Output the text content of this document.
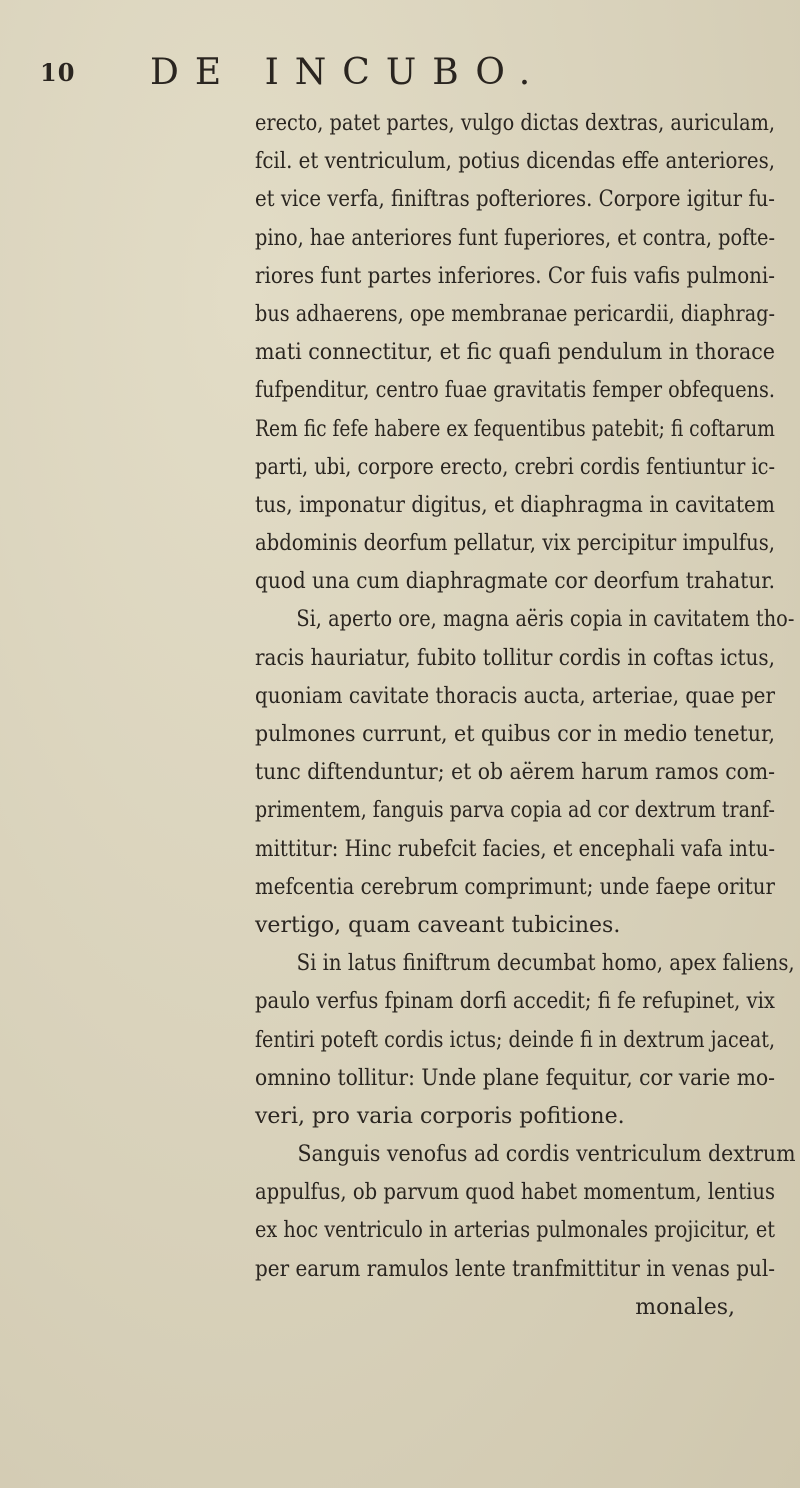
10 DE INCUBO.
erecto, patet partes, vulgo dictas dextras, auriculam,
fcil. et ventriculum, potius dicendas effe anteriores,
et vice verfa, finiftras pofteriores. Corpore igitur fu-
pino, hae anteriores funt fuperiores, et contra, pofte-
riores funt partes inferiores. Cor fuis vafis pulmoni-
bus adhaerens, ope membranae pericardii, diaphrag-
mati connectitur, et fic quafi pendulum in thorace
fufpenditur, centro fuae gravitatis femper obfequens.
Rem fic fefe habere ex fequentibus patebit; fi coftarum
parti, ubi, corpore erecto, crebri cordis fentiuntur ic-
tus, imponatur digitus, et diaphragma in cavitatem
abdominis deorfum pellatur, vix percipitur impulfus,
quod una cum diaphragmate cor deorfum trahatur.
Si, aperto ore, magna aëris copia in cavitatem tho-
racis hauriatur, fubito tollitur cordis in coftas ictus,
quoniam cavitate thoracis aucta, arteriae, quae per
pulmones currunt, et quibus cor in medio tenetur,
tunc diftenduntur; et ob aërem harum ramos com-
primentem, fanguis parva copia ad cor dextrum tranf-
mittitur: Hinc rubefcit facies, et encephali vafa intu-
mefcentia cerebrum comprimunt; unde faepe oritur
vertigo, quam caveant tubicines.
Si in latus finiftrum decumbat homo, apex faliens,
paulo verfus fpinam dorfi accedit; fi fe refupinet, vix
fentiri poteft cordis ictus; deinde fi in dextrum jaceat,
omnino tollitur: Unde plane fequitur, cor varie mo-
veri, pro varia corporis pofitione.
Sanguis venofus ad cordis ventriculum dextrum
appulfus, ob parvum quod habet momentum, lentius
ex hoc ventriculo in arterias pulmonales projicitur, et
per earum ramulos lente tranfmittitur in venas pul-
monales,
